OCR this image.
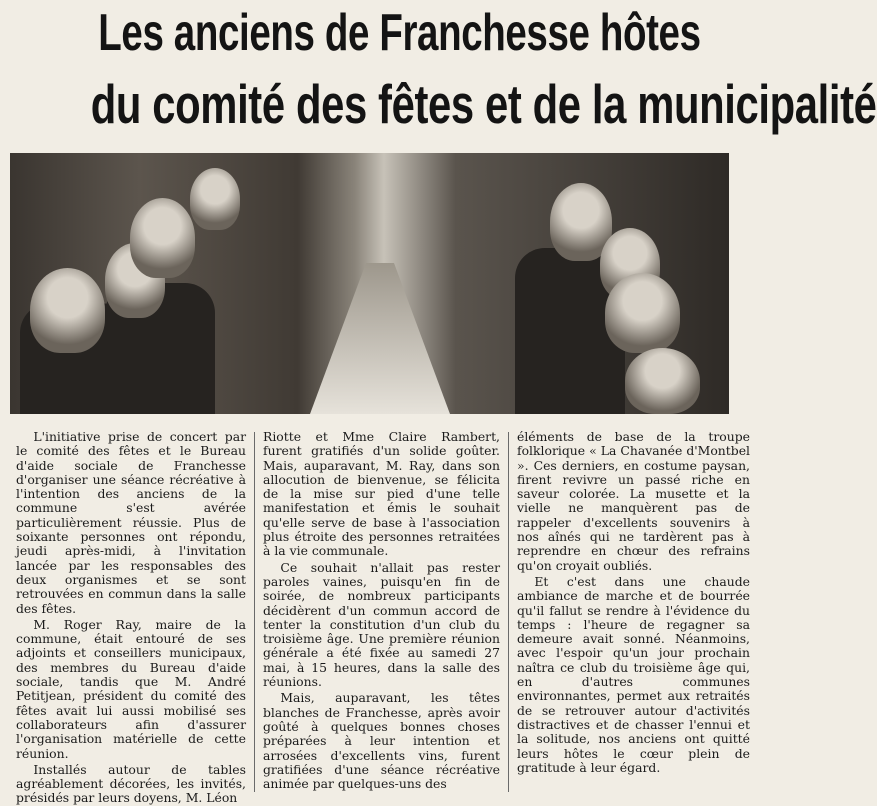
Les anciens de Franchesse hôtes
du comité des fêtes et de la municipalité

L'initiative prise de concert par le comité des fêtes et le Bureau d'aide sociale de Franchesse d'organiser une séance récréative à l'intention des anciens de la commune s'est avérée particulièrement réussie. Plus de soixante personnes ont répondu, jeudi après-midi, à l'invitation lancée par les responsables des deux organismes et se sont retrouvées en commun dans la salle des fêtes.

M. Roger Ray, maire de la commune, était entouré de ses adjoints et conseillers municipaux, des membres du Bureau d'aide sociale, tandis que M. André Petitjean, président du comité des fêtes avait lui aussi mobilisé ses collaborateurs afin d'assurer l'organisation matérielle de cette réunion.

Installés autour de tables agréablement décorées, les invités, présidés par leurs doyens, M. Léon

Riotte et Mme Claire Rambert, furent gratifiés d'un solide goûter. Mais, auparavant, M. Ray, dans son allocution de bienvenue, se félicita de la mise sur pied d'une telle manifestation et émis le souhait qu'elle serve de base à l'association plus étroite des personnes retraitées à la vie communale.

Ce souhait n'allait pas rester paroles vaines, puisqu'en fin de soirée, de nombreux participants décidèrent d'un commun accord de tenter la constitution d'un club du troisième âge. Une première réunion générale a été fixée au samedi 27 mai, à 15 heures, dans la salle des réunions.

Mais, auparavant, les têtes blanches de Franchesse, après avoir goûté à quelques bonnes choses préparées à leur intention et arrosées d'excellents vins, furent gratifiées d'une séance récréative animée par quelques-uns des

éléments de base de la troupe folklorique « La Chavanée d'Montbel ». Ces derniers, en costume paysan, firent revivre un passé riche en saveur colorée. La musette et la vielle ne manquèrent pas de rappeler d'excellents souvenirs à nos aînés qui ne tardèrent pas à reprendre en chœur des refrains qu'on croyait oubliés.

Et c'est dans une chaude ambiance de marche et de bourrée qu'il fallut se rendre à l'évidence du temps : l'heure de regagner sa demeure avait sonné. Néanmoins, avec l'espoir qu'un jour prochain naîtra ce club du troisième âge qui, en d'autres communes environnantes, permet aux retraités de se retrouver autour d'activités distractives et de chasser l'ennui et la solitude, nos anciens ont quitté leurs hôtes le cœur plein de gratitude à leur égard.
